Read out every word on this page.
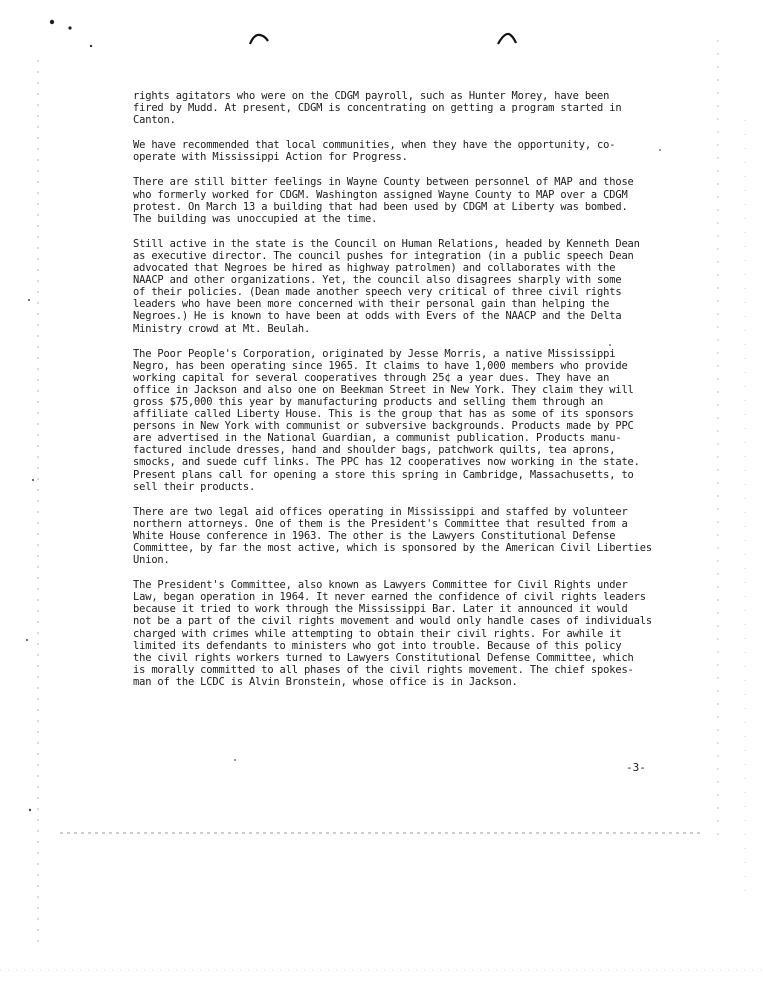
rights agitators who were on the CDGM payroll, such as Hunter Morey, have been
fired by Mudd. At present, CDGM is concentrating on getting a program started in
Canton.

We have recommended that local communities, when they have the opportunity, co-
operate with Mississippi Action for Progress.

There are still bitter feelings in Wayne County between personnel of MAP and those
who formerly worked for CDGM. Washington assigned Wayne County to MAP over a CDGM
protest. On March 13 a building that had been used by CDGM at Liberty was bombed.
The building was unoccupied at the time.

Still active in the state is the Council on Human Relations, headed by Kenneth Dean
as executive director. The council pushes for integration (in a public speech Dean
advocated that Negroes be hired as highway patrolmen) and collaborates with the
NAACP and other organizations. Yet, the council also disagrees sharply with some
of their policies. (Dean made another speech very critical of three civil rights
leaders who have been more concerned with their personal gain than helping the
Negroes.) He is known to have been at odds with Evers of the NAACP and the Delta
Ministry crowd at Mt. Beulah.

The Poor People's Corporation, originated by Jesse Morris, a native Mississippi
Negro, has been operating since 1965. It claims to have 1,000 members who provide
working capital for several cooperatives through 25¢ a year dues. They have an
office in Jackson and also one on Beekman Street in New York. They claim they will
gross $75,000 this year by manufacturing products and selling them through an
affiliate called Liberty House. This is the group that has as some of its sponsors
persons in New York with communist or subversive backgrounds. Products made by PPC
are advertised in the National Guardian, a communist publication. Products manu-
factured include dresses, hand and shoulder bags, patchwork quilts, tea aprons,
smocks, and suede cuff links. The PPC has 12 cooperatives now working in the state.
Present plans call for opening a store this spring in Cambridge, Massachusetts, to
sell their products.

There are two legal aid offices operating in Mississippi and staffed by volunteer
northern attorneys. One of them is the President's Committee that resulted from a
White House conference in 1963. The other is the Lawyers Constitutional Defense
Committee, by far the most active, which is sponsored by the American Civil Liberties
Union.

The President's Committee, also known as Lawyers Committee for Civil Rights under
Law, began operation in 1964. It never earned the confidence of civil rights leaders
because it tried to work through the Mississippi Bar. Later it announced it would
not be a part of the civil rights movement and would only handle cases of individuals
charged with crimes while attempting to obtain their civil rights. For awhile it
limited its defendants to ministers who got into trouble. Because of this policy
the civil rights workers turned to Lawyers Constitutional Defense Committee, which
is morally committed to all phases of the civil rights movement. The chief spokes-
man of the LCDC is Alvin Bronstein, whose office is in Jackson.

-3-
